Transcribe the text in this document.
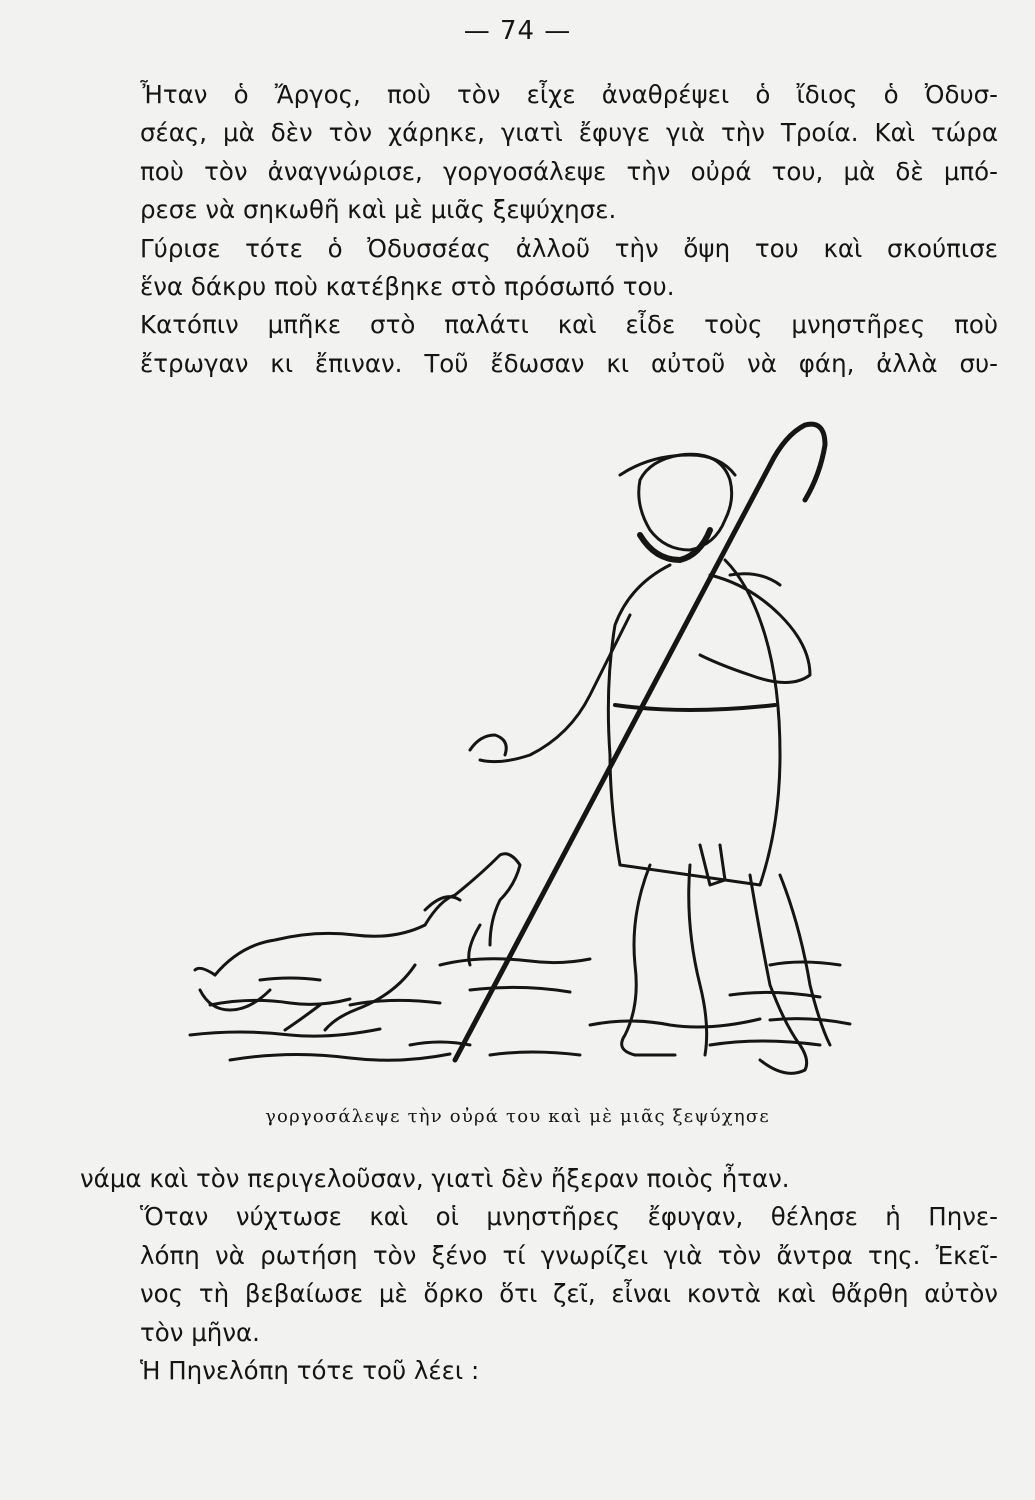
— 74 —

Ἦταν ὁ Ἄργος, ποὺ τὸν εἶχε ἀναθρέψει ὁ ἴδιος ὁ Ὀδυσ-
σέας, μὰ δὲν τὸν χάρηκε, γιατὶ ἔφυγε γιὰ τὴν Τροία. Καὶ τώρα
ποὺ τὸν ἀναγνώρισε, γοργοσάλεψε τὴν οὐρά του, μὰ δὲ μπό-
ρεσε νὰ σηκωθῆ καὶ μὲ μιᾶς ξεψύχησε.

Γύρισε τότε ὁ Ὀδυσσέας ἀλλοῦ τὴν ὄψη του καὶ σκούπισε
ἕνα δάκρυ ποὺ κατέβηκε στὸ πρόσωπό του.

Κατόπιν μπῆκε στὸ παλάτι καὶ εἶδε τοὺς μνηστῆρες ποὺ
ἔτρωγαν κι ἔπιναν. Τοῦ ἔδωσαν κι αὐτοῦ νὰ φάη, ἀλλὰ συ-

γοργοσάλεψε τὴν οὐρά του καὶ μὲ μιᾶς ξεψύχησε

νάμα καὶ τὸν περιγελοῦσαν, γιατὶ δὲν ἤξεραν ποιὸς ἦταν.

Ὅταν νύχτωσε καὶ οἱ μνηστῆρες ἔφυγαν, θέλησε ἡ Πηνε-
λόπη νὰ ρωτήση τὸν ξένο τί γνωρίζει γιὰ τὸν ἄντρα της. Ἐκεῖ-
νος τὴ βεβαίωσε μὲ ὅρκο ὅτι ζεῖ, εἶναι κοντὰ καὶ θἄρθη αὐτὸν
τὸν μῆνα.

Ἡ Πηνελόπη τότε τοῦ λέει :
